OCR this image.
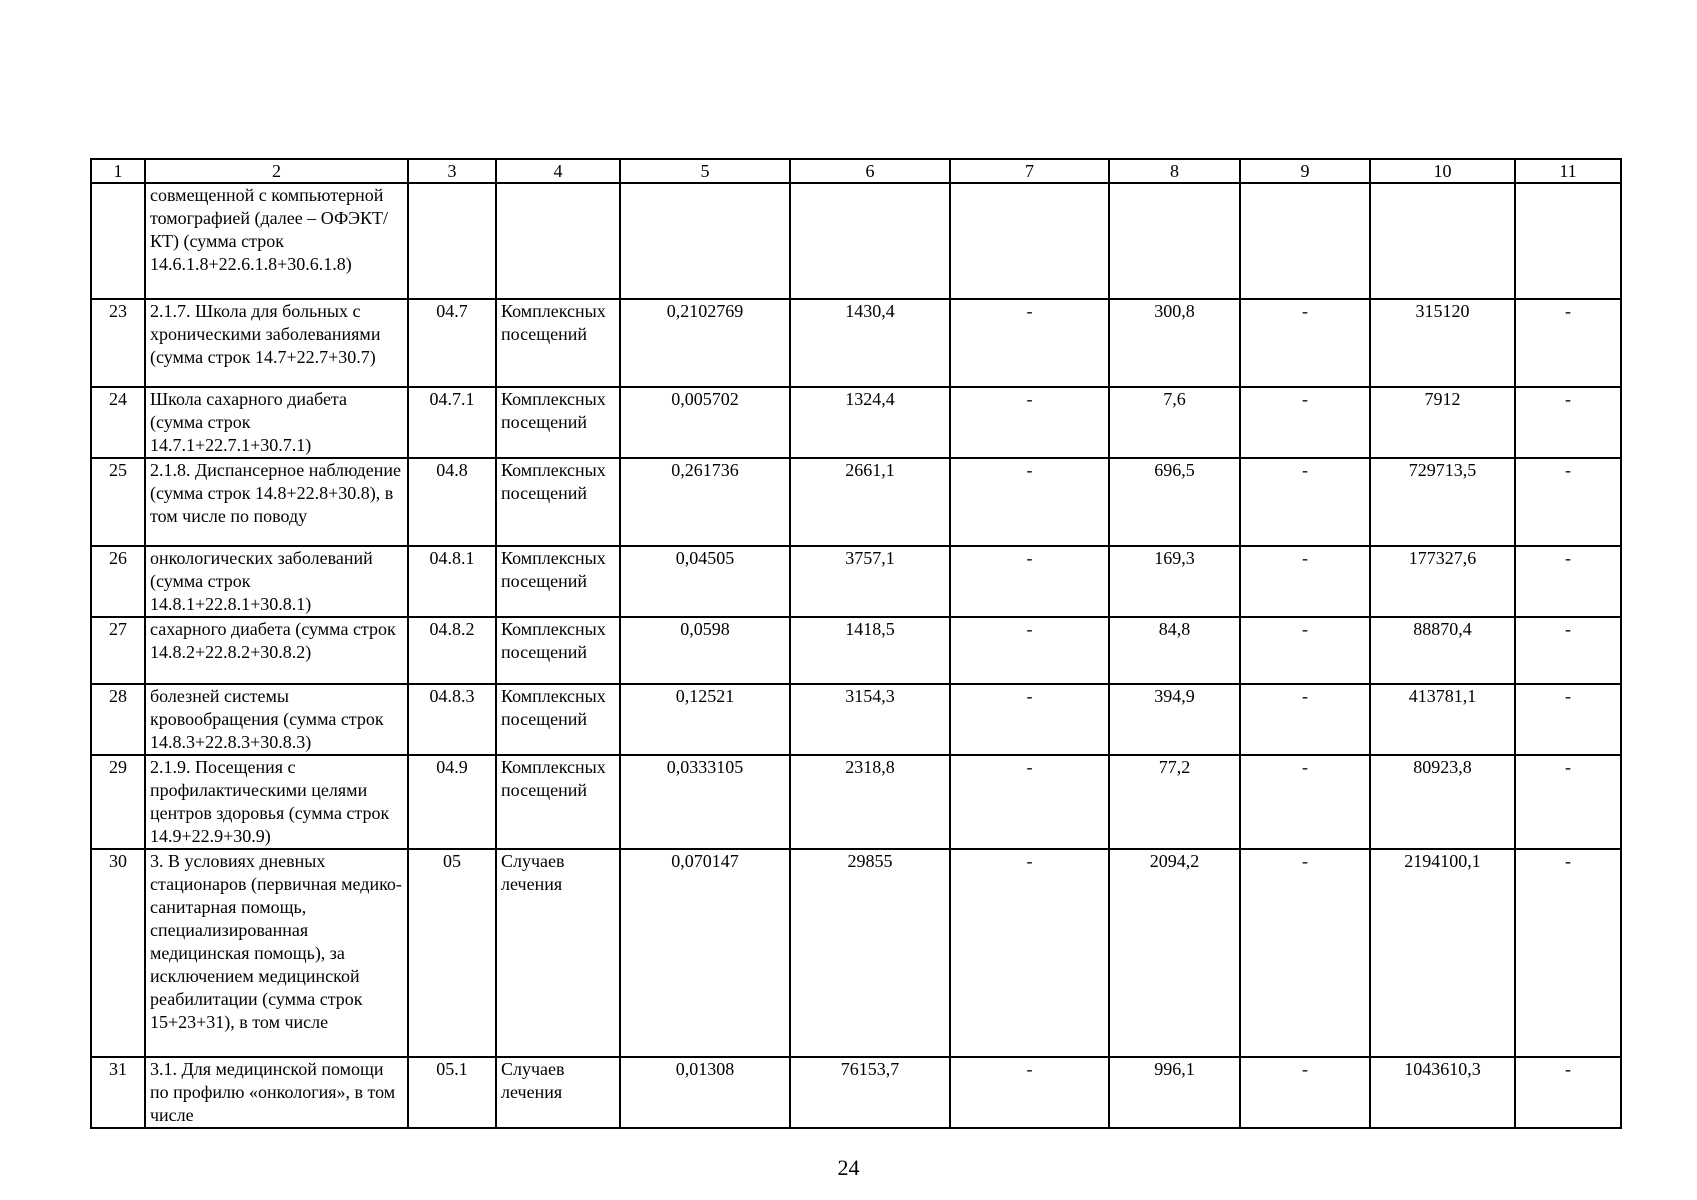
1	2	3	4	5	6	7	8	9	10	11
	совмещенной с компьютерной томографией (далее – ОФЭКТ/КТ) (сумма строк 14.6.1.8+22.6.1.8+30.6.1.8)									
23	2.1.7. Школа для больных с хроническими заболеваниями (сумма строк 14.7+22.7+30.7)	04.7	Комплексных посещений	0,2102769	1430,4	-	300,8	-	315120	-
24	Школа сахарного диабета (сумма строк 14.7.1+22.7.1+30.7.1)	04.7.1	Комплексных посещений	0,005702	1324,4	-	7,6	-	7912	-
25	2.1.8. Диспансерное наблюдение (сумма строк 14.8+22.8+30.8), в том числе по поводу	04.8	Комплексных посещений	0,261736	2661,1	-	696,5	-	729713,5	-
26	онкологических заболеваний (сумма строк 14.8.1+22.8.1+30.8.1)	04.8.1	Комплексных посещений	0,04505	3757,1	-	169,3	-	177327,6	-
27	сахарного диабета (сумма строк 14.8.2+22.8.2+30.8.2)	04.8.2	Комплексных посещений	0,0598	1418,5	-	84,8	-	88870,4	-
28	болезней системы кровообращения (сумма строк 14.8.3+22.8.3+30.8.3)	04.8.3	Комплексных посещений	0,12521	3154,3	-	394,9	-	413781,1	-
29	2.1.9. Посещения с профилактическими целями центров здоровья (сумма строк 14.9+22.9+30.9)	04.9	Комплексных посещений	0,0333105	2318,8	-	77,2	-	80923,8	-
30	3. В условиях дневных стационаров (первичная медико-санитарная помощь, специализированная медицинская помощь), за исключением медицинской реабилитации (сумма строк 15+23+31), в том числе	05	Случаев лечения	0,070147	29855	-	2094,2	-	2194100,1	-
31	3.1. Для медицинской помощи по профилю «онкология», в том числе	05.1	Случаев лечения	0,01308	76153,7	-	996,1	-	1043610,3	-
24
